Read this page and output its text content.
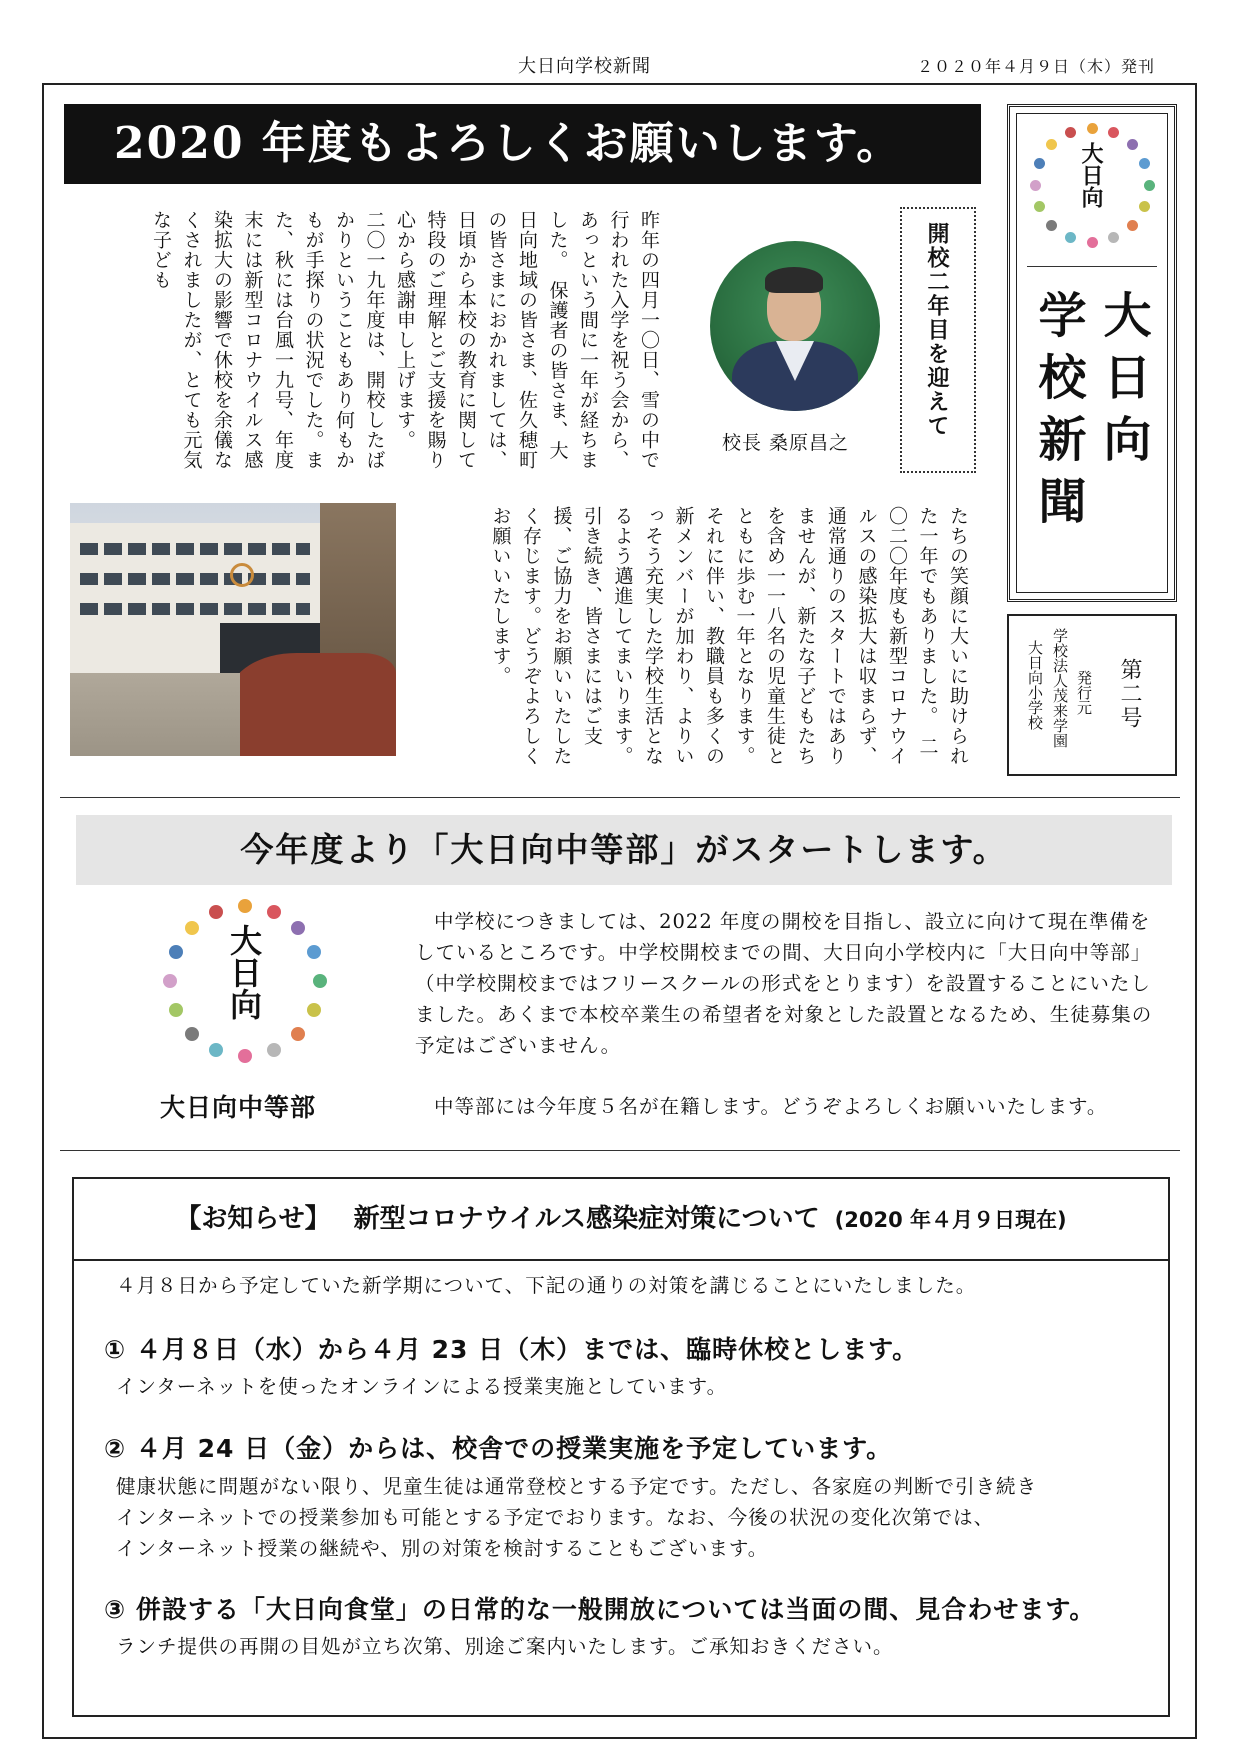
大日向学校新聞	２０２０年４月９日（木）発刊
2020 年度もよろしくお願いします。	大日向
大日向
学校新聞
第二号
発行元
学校法人茂来学園
大日向小学校
開校二年目を迎えて
校長 桑原昌之
昨年の四月一〇日、雪の中で行われた入学を祝う会から、あっという間に一年が経ちました。　保護者の皆さま、大日向地域の皆さま、佐久穂町の皆さまにおかれましては、日頃から本校の教育に関して特段のご理解とご支援を賜り心から感謝申し上げます。　二〇一九年度は、開校したばかりということもあり何もかもが手探りの状況でした。また、秋には台風一九号、年度末には新型コロナウイルス感染拡大の影響で休校を余儀なくされましたが、とても元気な子ども
たちの笑顔に大いに助けられた一年でもありました。　二〇二〇年度も新型コロナウイルスの感染拡大は収まらず、通常通りのスタートではありませんが、新たな子どもたちを含め一一八名の児童生徒とともに歩む一年となります。それに伴い、教職員も多くの新メンバーが加わり、よりいっそう充実した学校生活となるよう邁進してまいります。引き続き、皆さまにはご支援、ご協力をお願いいたしたく存じます。どうぞよろしくお願いいたします。
今年度より「大日向中等部」がスタートします。
大日向
大日向中等部
中学校につきましては、2022 年度の開校を目指し、設立に向けて現在準備をしているところです。中学校開校までの間、大日向小学校内に「大日向中等部」（中学校開校まではフリースクールの形式をとります）を設置することにいたしました。あくまで本校卒業生の希望者を対象とした設置となるため、生徒募集の予定はございません。
中等部には今年度５名が在籍します。どうぞよろしくお願いいたします。
【お知らせ】 新型コロナウイルス感染症対策について (2020 年４月９日現在)
４月８日から予定していた新学期について、下記の通りの対策を講じることにいたしました。
① ４月８日（水）から４月 23 日（木）までは、臨時休校とします。
インターネットを使ったオンラインによる授業実施としています。
② ４月 24 日（金）からは、校舎での授業実施を予定しています。
健康状態に問題がない限り、児童生徒は通常登校とする予定です。ただし、各家庭の判断で引き続き
インターネットでの授業参加も可能とする予定でおります。なお、今後の状況の変化次第では、
インターネット授業の継続や、別の対策を検討することもございます。
③ 併設する「大日向食堂」の日常的な一般開放については当面の間、見合わせます。
ランチ提供の再開の目処が立ち次第、別途ご案内いたします。ご承知おきください。
